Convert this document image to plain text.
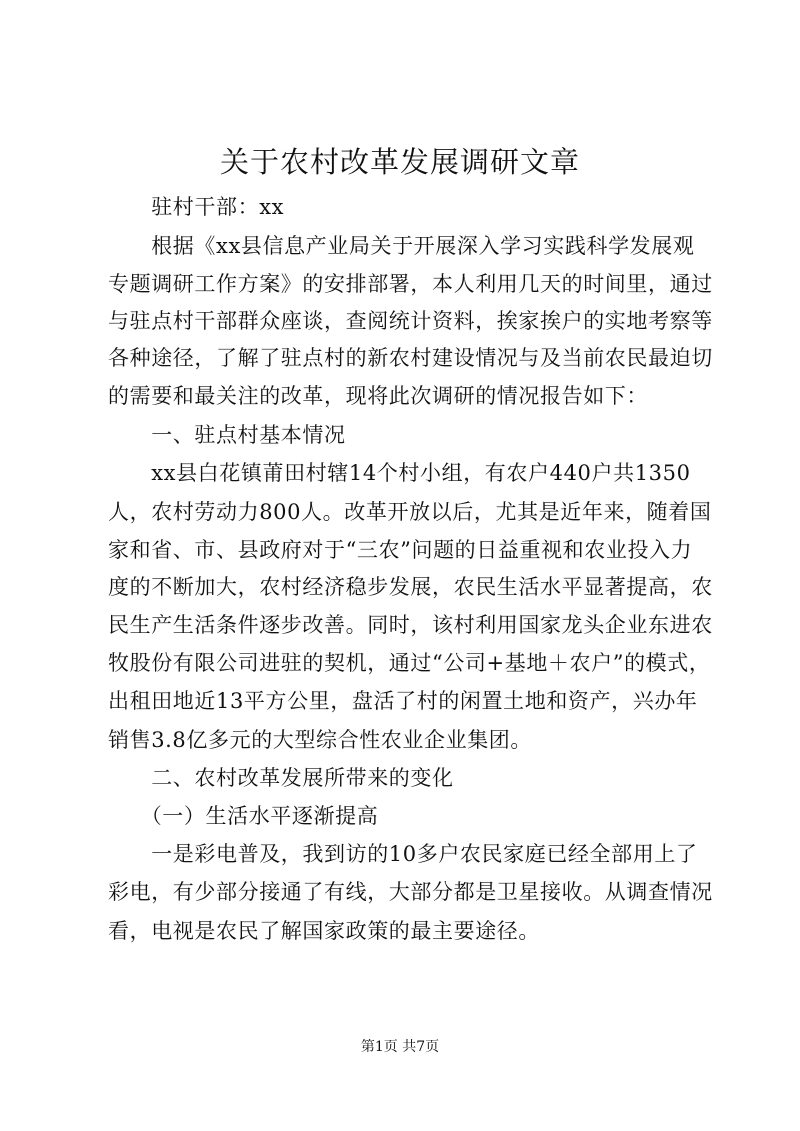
关于农村改革发展调研文章
　　驻村干部：xx
　　根据《xx县信息产业局关于开展深入学习实践科学发展观
专题调研工作方案》的安排部署，本人利用几天的时间里，通过
与驻点村干部群众座谈，查阅统计资料，挨家挨户的实地考察等
各种途径，了解了驻点村的新农村建设情况与及当前农民最迫切
的需要和最关注的改革，现将此次调研的情况报告如下：
　　一、驻点村基本情况
　　xx县白花镇莆田村辖14个村小组，有农户440户共1350
人，农村劳动力800人。改革开放以后，尤其是近年来，随着国
家和省、市、县政府对于“三农”问题的日益重视和农业投入力
度的不断加大，农村经济稳步发展，农民生活水平显著提高，农
民生产生活条件逐步改善。同时，该村利用国家龙头企业东进农
牧股份有限公司进驻的契机，通过“公司+基地＋农户”的模式，
出租田地近13平方公里，盘活了村的闲置土地和资产，兴办年
销售3.8亿多元的大型综合性农业企业集团。
　　二、农村改革发展所带来的变化
　　（一）生活水平逐渐提高
　　一是彩电普及，我到访的10多户农民家庭已经全部用上了
彩电，有少部分接通了有线，大部分都是卫星接收。从调查情况
看，电视是农民了解国家政策的最主要途径。
第1页 共7页
